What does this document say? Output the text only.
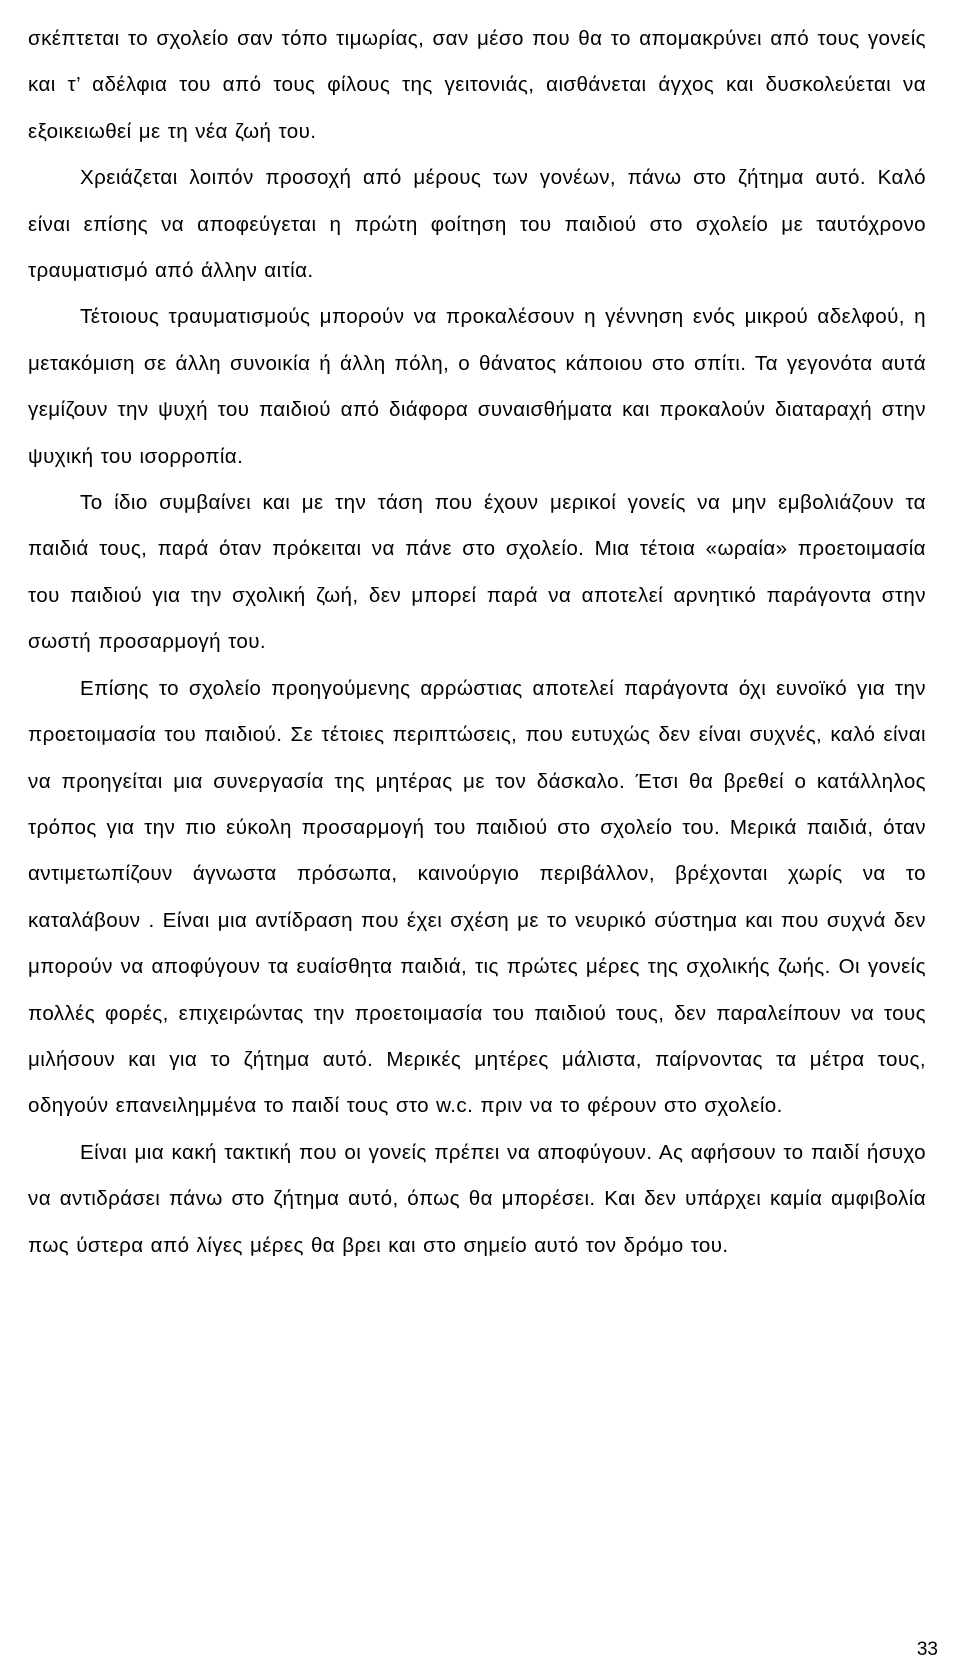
σκέπτεται το σχολείο σαν τόπο τιμωρίας, σαν μέσο που θα το απομακρύνει από τους γονείς και τ’ αδέλφια του από τους φίλους της γειτονιάς, αισθάνεται άγχος και δυσκολεύεται να εξοικειωθεί με τη νέα ζωή του.

Χρειάζεται λοιπόν προσοχή από μέρους των γονέων, πάνω στο ζήτημα αυτό. Καλό είναι επίσης να αποφεύγεται η πρώτη φοίτηση του παιδιού στο σχολείο με ταυτόχρονο τραυματισμό από άλλην αιτία.

Τέτοιους τραυματισμούς μπορούν να προκαλέσουν η γέννηση ενός μικρού αδελφού, η μετακόμιση σε άλλη συνοικία ή άλλη πόλη, ο θάνατος κάποιου στο σπίτι. Τα γεγονότα αυτά γεμίζουν την ψυχή του παιδιού από διάφορα συναισθήματα και προκαλούν διαταραχή στην ψυχική του ισορροπία.

Το ίδιο συμβαίνει και με την τάση που έχουν μερικοί γονείς να μην εμβολιάζουν τα παιδιά τους, παρά όταν πρόκειται να πάνε στο σχολείο. Μια τέτοια «ωραία» προετοιμασία του παιδιού για την σχολική ζωή, δεν μπορεί παρά να αποτελεί αρνητικό παράγοντα στην σωστή προσαρμογή του.

Επίσης το σχολείο προηγούμενης αρρώστιας αποτελεί παράγοντα όχι ευνοϊκό για την προετοιμασία του παιδιού. Σε τέτοιες περιπτώσεις, που ευτυχώς δεν είναι συχνές, καλό είναι να προηγείται μια συνεργασία της μητέρας με τον δάσκαλο. Έτσι θα βρεθεί ο κατάλληλος τρόπος για την πιο εύκολη προσαρμογή του παιδιού στο σχολείο του. Μερικά παιδιά, όταν αντιμετωπίζουν άγνωστα πρόσωπα, καινούργιο περιβάλλον, βρέχονται χωρίς να το καταλάβουν . Είναι μια αντίδραση που έχει σχέση με το νευρικό σύστημα και που συχνά δεν μπορούν να αποφύγουν τα ευαίσθητα παιδιά, τις πρώτες μέρες της σχολικής ζωής. Οι γονείς πολλές φορές, επιχειρώντας την προετοιμασία του παιδιού τους, δεν παραλείπουν να τους μιλήσουν και για το ζήτημα αυτό. Μερικές μητέρες μάλιστα, παίρνοντας τα μέτρα τους, οδηγούν επανειλημμένα το παιδί τους στο w.c. πριν να το φέρουν στο σχολείο.

Είναι μια κακή τακτική που οι γονείς πρέπει να αποφύγουν. Ας αφήσουν το παιδί ήσυχο να αντιδράσει πάνω στο ζήτημα αυτό, όπως θα μπορέσει. Και δεν υπάρχει καμία αμφιβολία πως ύστερα από λίγες μέρες θα βρει και στο σημείο αυτό τον δρόμο του.

33
